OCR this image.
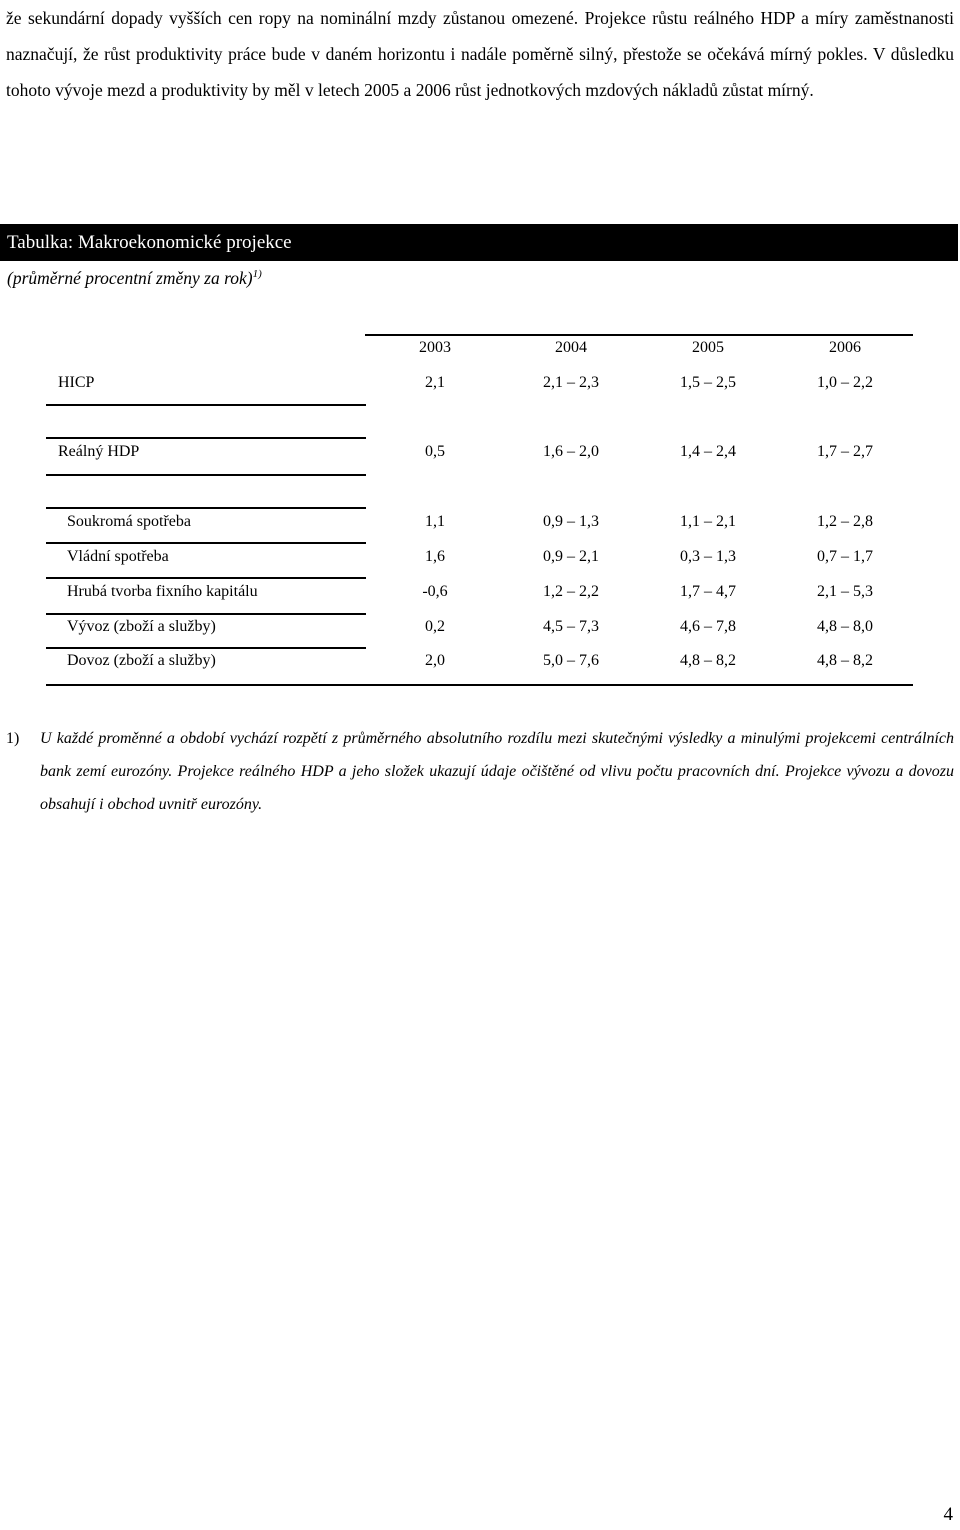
že sekundární dopady vyšších cen ropy na nominální mzdy zůstanou omezené. Projekce růstu reálného HDP a míry zaměstnanosti naznačují, že růst produktivity práce bude v daném horizontu i nadále poměrně silný, přestože se očekává mírný pokles. V důsledku tohoto vývoje mezd a produktivity by měl v letech 2005 a 2006 růst jednotkových mzdových nákladů zůstat mírný.

Tabulka: Makroekonomické projekce
(průměrné procentní změny za rok)$^{1)}$
2003	2004	2005	2006
HICP	2,1	2,1 – 2,3	1,5 – 2,5	1,0 – 2,2
Reálný HDP	0,5	1,6 – 2,0	1,4 – 2,4	1,7 – 2,7
Soukromá spotřeba	1,1	0,9 – 1,3	1,1 – 2,1	1,2 – 2,8
Vládní spotřeba	1,6	0,9 – 2,1	0,3 – 1,3	0,7 – 1,7
Hrubá tvorba fixního kapitálu	-0,6	1,2 – 2,2	1,7 – 4,7	2,1 – 5,3
Vývoz (zboží a služby)	0,2	4,5 – 7,3	4,6 – 7,8	4,8 – 8,0
Dovoz (zboží a služby)	2,0	5,0 – 7,6	4,8 – 8,2	4,8 – 8,2
1) U každé proměnné a období vychází rozpětí z průměrného absolutního rozdílu mezi skutečnými výsledky a minulými projekcemi centrálních bank zemí eurozóny. Projekce reálného HDP a jeho složek ukazují údaje očištěné od vlivu počtu pracovních dní. Projekce vývozu a dovozu obsahují i obchod uvnitř eurozóny.
4
